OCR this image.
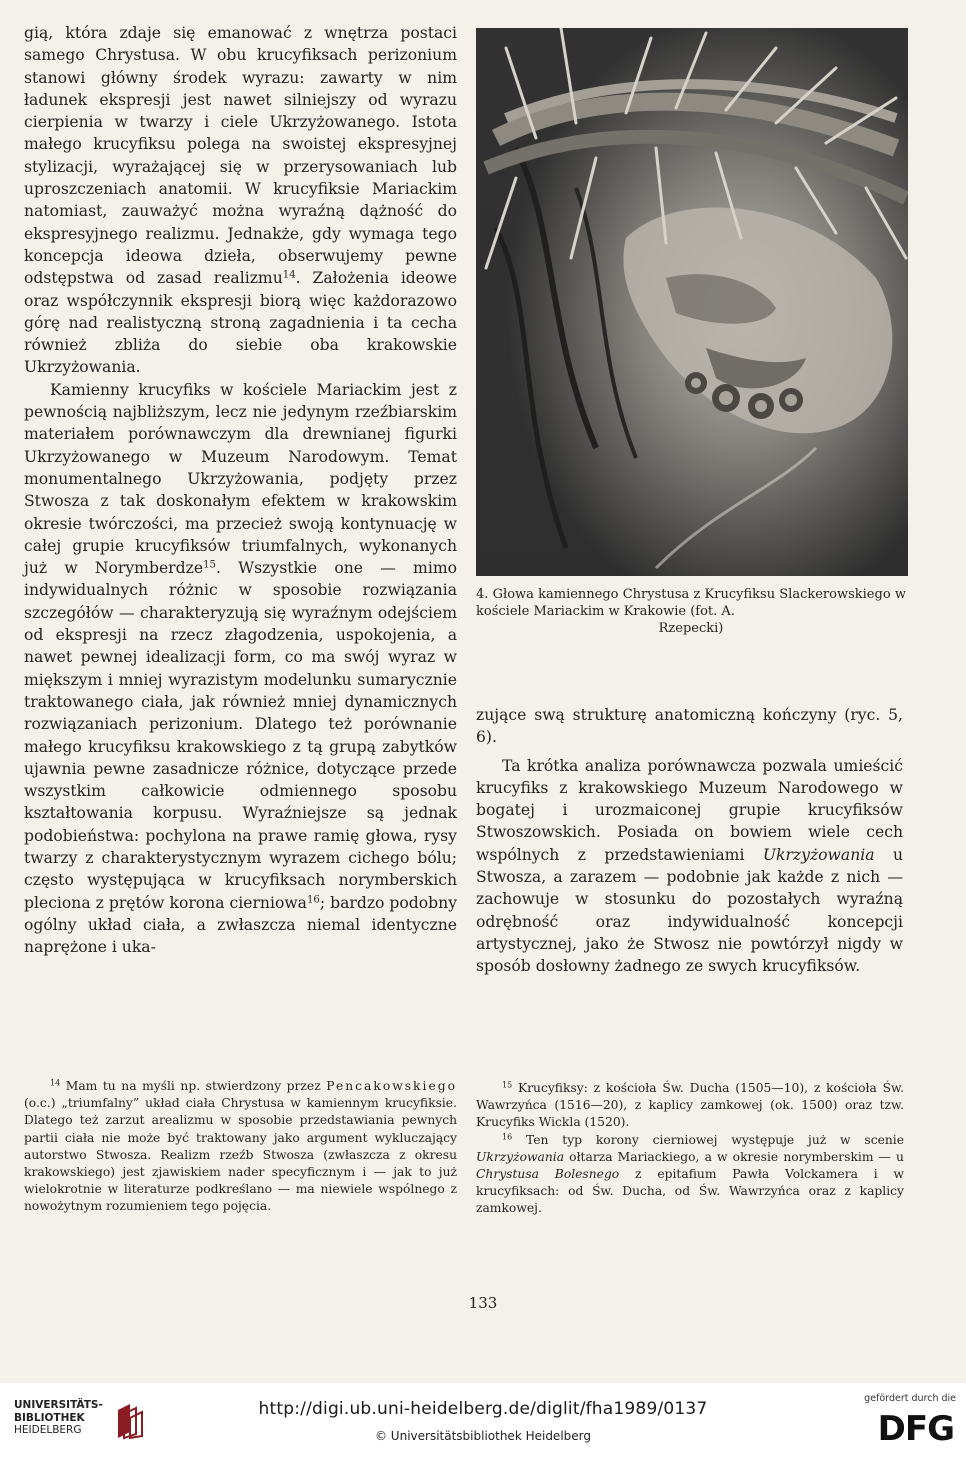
gią, która zdaje się emanować z wnętrza postaci samego Chrystusa. W obu krucyfiksach perizonium stanowi główny środek wyrazu: zawarty w nim ładunek ekspresji jest nawet silniejszy od wyrazu cierpienia w twarzy i ciele Ukrzyżowanego. Istota małego krucyfiksu polega na swoistej ekspresyjnej stylizacji, wyrażającej się w przerysowaniach lub uproszczeniach anatomii. W krucyfiksie Mariackim natomiast, zauważyć można wyraźną dążność do ekspresyjnego realizmu. Jednakże, gdy wymaga tego koncepcja ideowa dzieła, obserwujemy pewne odstępstwa od zasad realizmu$^{14}$. Założenia ideowe oraz współczynnik ekspresji biorą więc każdorazowo górę nad realistyczną stroną zagadnienia i ta cecha również zbliża do siebie oba krakowskie Ukrzyżowania.

Kamienny krucyfiks w kościele Mariackim jest z pewnością najbliższym, lecz nie jedynym rzeźbiarskim materiałem porównawczym dla drewnianej figurki Ukrzyżowanego w Muzeum Narodowym. Temat monumentalnego Ukrzyżowania, podjęty przez Stwosza z tak doskonałym efektem w krakowskim okresie twórczości, ma przecież swoją kontynuację w całej grupie krucyfiksów triumfalnych, wykonanych już w Norymberdze$^{15}$. Wszystkie one — mimo indywidualnych różnic w sposobie rozwiązania szczegółów — charakteryzują się wyraźnym odejściem od ekspresji na rzecz złagodzenia, uspokojenia, a nawet pewnej idealizacji form, co ma swój wyraz w miększym i mniej wyrazistym modelunku sumarycznie traktowanego ciała, jak również mniej dynamicznych rozwiązaniach perizonium. Dlatego też porównanie małego krucyfiksu krakowskiego z tą grupą zabytków ujawnia pewne zasadnicze różnice, dotyczące przede wszystkim całkowicie odmiennego sposobu kształtowania korpusu. Wyraźniejsze są jednak podobieństwa: pochylona na prawe ramię głowa, rysy twarzy z charakterystycznym wyrazem cichego bólu; często występująca w krucyfiksach norymberskich pleciona z prętów korona cierniowa$^{16}$; bardzo podobny ogólny układ ciała, a zwłaszcza niemal identyczne naprężone i uka-

4. Głowa kamiennego Chrystusa z Krucyfiksu Slackerowskiego w kościele Mariackim w Krakowie (fot. A.
Rzepecki)

zujące swą strukturę anatomiczną kończyny (ryc. 5, 6).

Ta krótka analiza porównawcza pozwala umieścić krucyfiks z krakowskiego Muzeum Narodowego w bogatej i urozmaiconej grupie krucyfiksów Stwoszowskich. Posiada on bowiem wiele cech wspólnych z przedstawieniami Ukrzyżowania u Stwosza, a zarazem — podobnie jak każde z nich — zachowuje w stosunku do pozostałych wyraźną odrębność oraz indywidualność koncepcji artystycznej, jako że Stwosz nie powtórzył nigdy w sposób dosłowny żadnego ze swych krucyfiksów.

$^{14}$ Mam tu na myśli np. stwierdzony przez Pencakowskiego (o.c.) „triumfalny” układ ciała Chrystusa w kamiennym krucyfiksie. Dlatego też zarzut arealizmu w sposobie przedstawiania pewnych partii ciała nie może być traktowany jako argument wykluczający autorstwo Stwosza. Realizm rzeźb Stwosza (zwłaszcza z okresu krakowskiego) jest zjawiskiem nader specyficznym i — jak to już wielokrotnie w literaturze podkreślano — ma niewiele wspólnego z nowożytnym rozumieniem tego pojęcia.

$^{15}$ Krucyfiksy: z kościoła Św. Ducha (1505—10), z kościoła Św. Wawrzyńca (1516—20), z kaplicy zamkowej (ok. 1500) oraz tzw. Krucyfiks Wickla (1520).

$^{16}$ Ten typ korony cierniowej występuje już w scenie Ukrzyżowania ołtarza Mariackiego, a w okresie norymberskim — u Chrystusa Bolesnego z epitafium Pawła Volckamera i w krucyfiksach: od Św. Ducha, od Św. Wawrzyńca oraz z kaplicy zamkowej.

133
UNIVERSITÄTS-
BIBLIOTHEK
HEIDELBERG
http://digi.ub.uni-heidelberg.de/diglit/fha1989/0137
© Universitätsbibliothek Heidelberg
gefördert durch die
DFG
